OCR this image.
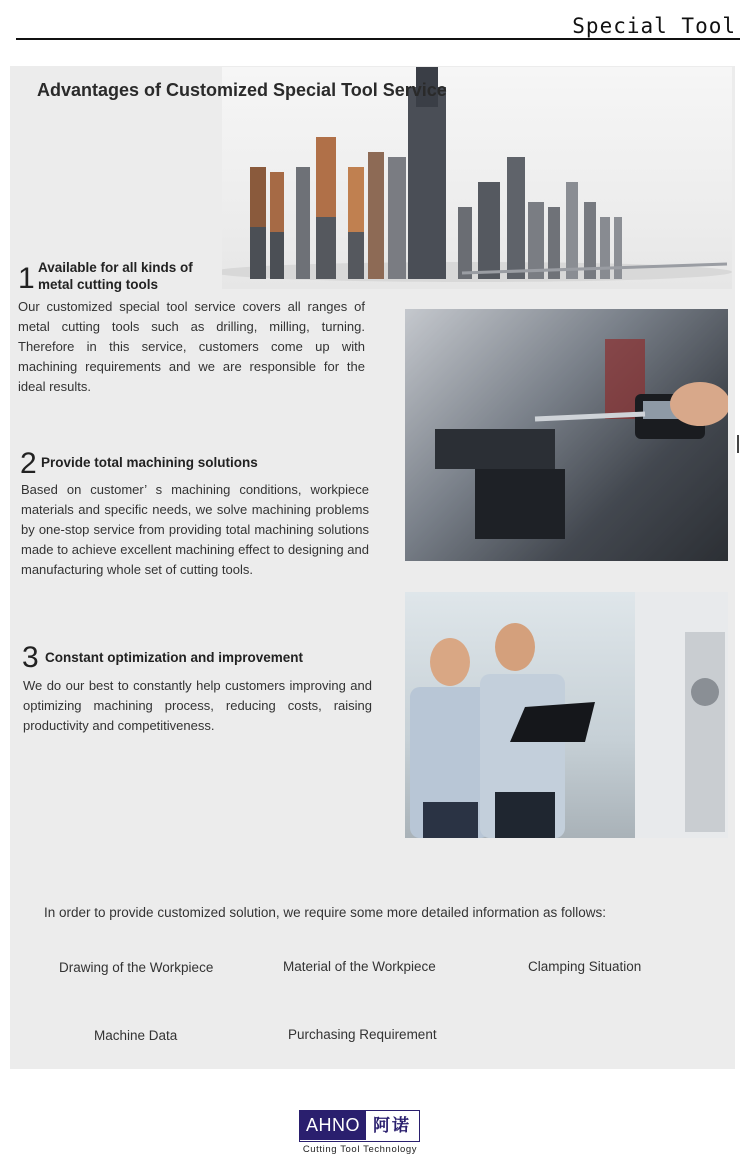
Special Tool
Advantages of Customized Special Tool Service
1 Available for all kinds of
metal cutting tools
Our customized special tool service covers all ranges of metal cutting tools such as drilling, milling, turning. Therefore in this service, customers come up with machining requirements and we are responsible for the ideal results.
2 Provide total machining solutions
Based on customer’ s machining conditions, workpiece materials and specific needs, we solve machining problems by one-stop service from providing total machining solutions made to achieve excellent machining effect to designing and manufacturing whole set of cutting tools.
3 Constant optimization and improvement
We do our best to constantly help customers improving and optimizing machining process, reducing costs, raising productivity and competitiveness.
In order to provide customized solution, we require some more detailed information as follows:
Drawing of the Workpiece	Material of the Workpiece	Clamping Situation
Machine Data	Purchasing Requirement
AHNO 阿诺
Cutting Tool Technology
